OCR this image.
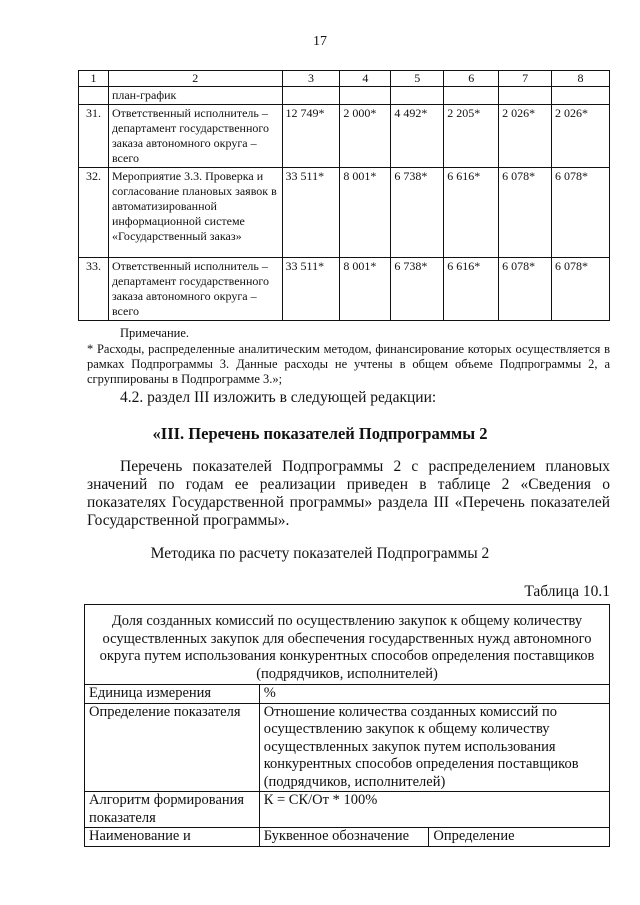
17
1	2	3	4	5	6	7	8
	план-график						
31.	Ответственный исполнитель – департамент государственного заказа автономного округа – всего	12 749*	2 000*	4 492*	2 205*	2 026*	2 026*
32.	Мероприятие 3.3. Проверка и согласование плановых заявок в автоматизированной информационной системе «Государственный заказ»	33 511*	8 001*	6 738*	6 616*	6 078*	6 078*
33.	Ответственный исполнитель – департамент государственного заказа автономного округа – всего	33 511*	8 001*	6 738*	6 616*	6 078*	6 078*
Примечание.
* Расходы, распределенные аналитическим методом, финансирование которых осуществляется в рамках Подпрограммы 3. Данные расходы не учтены в общем объеме Подпрограммы 2, а сгруппированы в Подпрограмме 3.»;
4.2. раздел III изложить в следующей редакции:
«III. Перечень показателей Подпрограммы 2
Перечень показателей Подпрограммы 2 с распределением плановых значений по годам ее реализации приведен в таблице 2 «Сведения о показателях Государственной программы» раздела III «Перечень показателей Государственной программы».
Методика по расчету показателей Подпрограммы 2
Таблица 10.1
Доля созданных комиссий по осуществлению закупок к общему количеству осуществленных закупок для обеспечения государственных нужд автономного округа путем использования конкурентных способов определения поставщиков (подрядчиков, исполнителей)		
Единица измерения	%	
Определение показателя	Отношение количества созданных комиссий по осуществлению закупок к общему количеству осуществленных закупок путем использования конкурентных способов определения поставщиков (подрядчиков, исполнителей)	
Алгоритм формирования показателя	К = СК/От * 100%	
Наименование и	Буквенное обозначение	Определение
